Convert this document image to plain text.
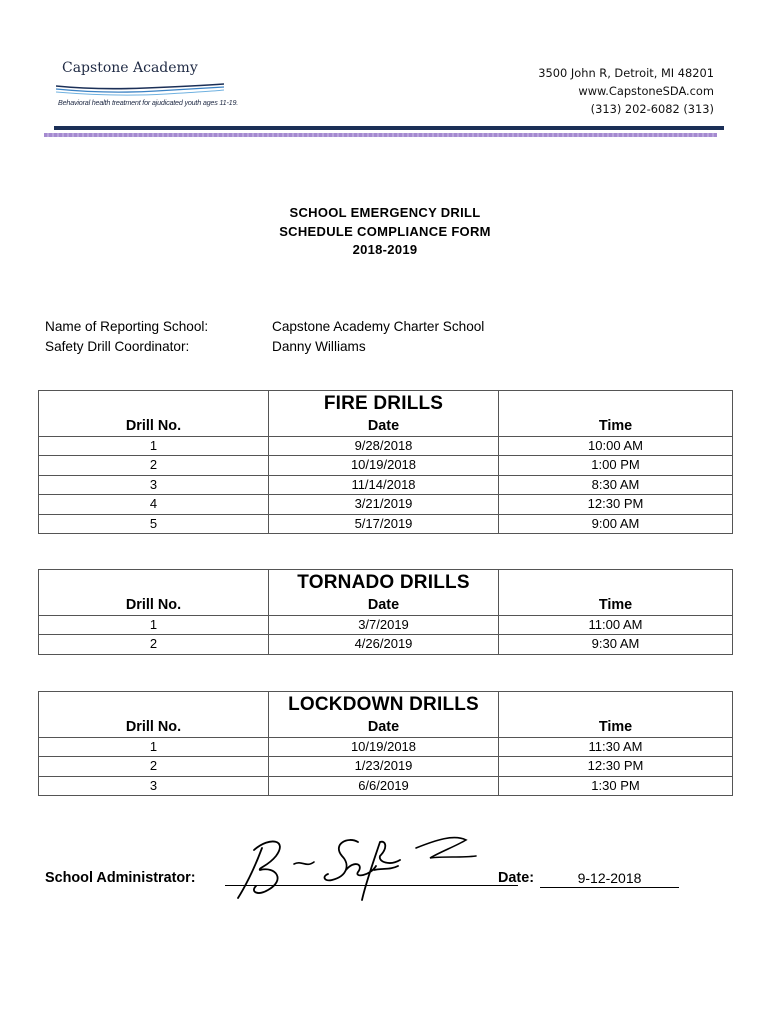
Capstone Academy
Behavioral health treatment for ajudicated youth ages 11-19.
3500 John R, Detroit, MI 48201
www.CapstoneSDA.com
(313) 202-6082 (313)
SCHOOL EMERGENCY DRILL
SCHEDULE COMPLIANCE FORM
2018-2019
Name of Reporting School:	Capstone Academy Charter School
Safety Drill Coordinator:	Danny Williams
	FIRE DRILLS	
Drill No.	Date	Time
1	9/28/2018	10:00 AM
2	10/19/2018	1:00 PM
3	11/14/2018	8:30 AM
4	3/21/2019	12:30 PM
5	5/17/2019	9:00 AM
	TORNADO DRILLS	
Drill No.	Date	Time
1	3/7/2019	11:00 AM
2	4/26/2019	9:30 AM
	LOCKDOWN DRILLS	
Drill No.	Date	Time
1	10/19/2018	11:30 AM
2	1/23/2019	12:30 PM
3	6/6/2019	1:30 PM
School Administrator:	Date:	9-12-2018
